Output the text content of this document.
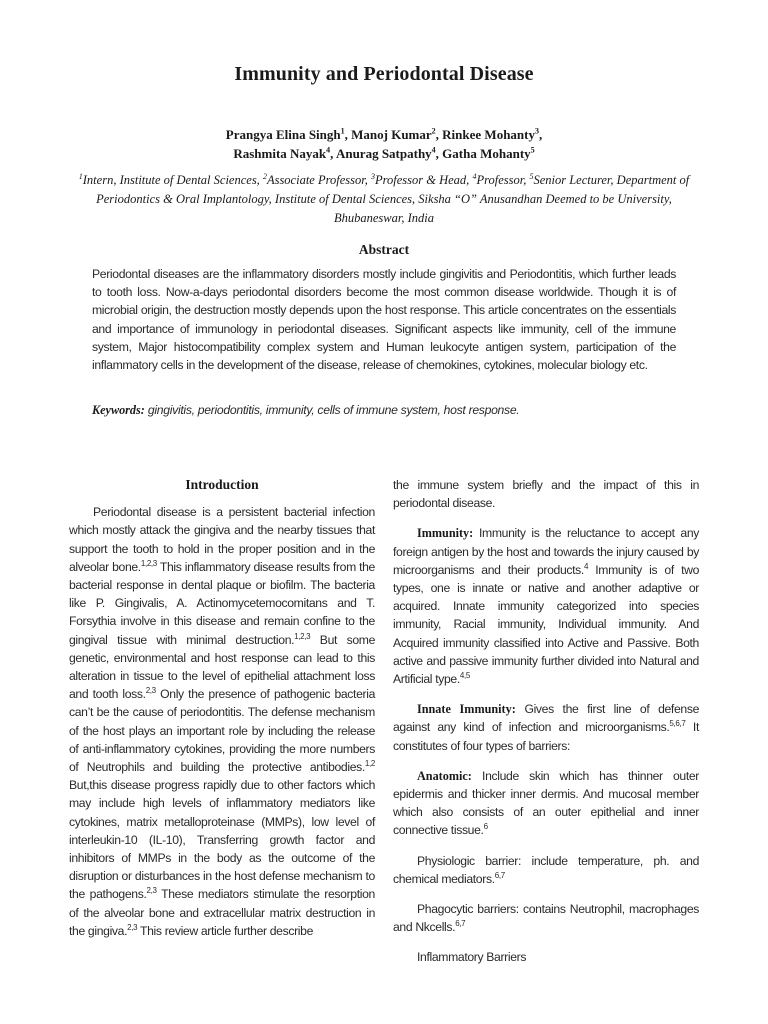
Immunity and Periodontal Disease
Prangya Elina Singh$^1$, Manoj Kumar$^2$, Rinkee Mohanty$^3$,
Rashmita Nayak$^4$, Anurag Satpathy$^4$, Gatha Mohanty$^5$
$^1$Intern, Institute of Dental Sciences, $^2$Associate Professor, $^3$Professor & Head, $^4$Professor, $^5$Senior Lecturer, Department of Periodontics & Oral Implantology, Institute of Dental Sciences, Siksha “O” Anusandhan Deemed to be University, Bhubaneswar, India
Abstract
Periodontal diseases are the inflammatory disorders mostly include gingivitis and Periodontitis, which further leads to tooth loss. Now-a-days periodontal disorders become the most common disease worldwide. Though it is of microbial origin, the destruction mostly depends upon the host response. This article concentrates on the essentials and importance of immunology in periodontal diseases. Significant aspects like immunity, cell of the immune system, Major histocompatibility complex system and Human leukocyte antigen system, participation of the inflammatory cells in the development of the disease, release of chemokines, cytokines, molecular biology etc.
Keywords: gingivitis, periodontitis, immunity, cells of immune system, host response.
Introduction

Periodontal disease is a persistent bacterial infection which mostly attack the gingiva and the nearby tissues that support the tooth to hold in the proper position and in the alveolar bone.$^{1,2,3}$ This inflammatory disease results from the bacterial response in dental plaque or biofilm. The bacteria like P. Gingivalis, A. Actinomycetemocomitans and T. Forsythia involve in this disease and remain confine to the gingival tissue with minimal destruction.$^{1,2,3}$ But some genetic, environmental and host response can lead to this alteration in tissue to the level of epithelial attachment loss and tooth loss.$^{2,3}$ Only the presence of pathogenic bacteria can’t be the cause of periodontitis. The defense mechanism of the host plays an important role by including the release of anti-inflammatory cytokines, providing the more numbers of Neutrophils and building the protective antibodies.$^{1,2}$ But,this disease progress rapidly due to other factors which may include high levels of inflammatory mediators like cytokines, matrix metalloproteinase (MMPs), low level of interleukin-10 (IL-10), Transferring growth factor and inhibitors of MMPs in the body as the outcome of the disruption or disturbances in the host defense mechanism to the pathogens.$^{2,3}$ These mediators stimulate the resorption of the alveolar bone and extracellular matrix destruction in the gingiva.$^{2,3}$ This review article further describe

the immune system briefly and the impact of this in periodontal disease.

Immunity: Immunity is the reluctance to accept any foreign antigen by the host and towards the injury caused by microorganisms and their products.$^4$ Immunity is of two types, one is innate or native and another adaptive or acquired. Innate immunity categorized into species immunity, Racial immunity, Individual immunity. And Acquired immunity classified into Active and Passive. Both active and passive immunity further divided into Natural and Artificial type.$^{4,5}$

Innate Immunity: Gives the first line of defense against any kind of infection and microorganisms.$^{5,6,7}$ It constitutes of four types of barriers:

Anatomic: Include skin which has thinner outer epidermis and thicker inner dermis. And mucosal member which also consists of an outer epithelial and inner connective tissue.$^6$

Physiologic barrier: include temperature, ph. and chemical mediators.$^{6,7}$

Phagocytic barriers: contains Neutrophil, macrophages and Nkcells.$^{6,7}$

Inflammatory Barriers
